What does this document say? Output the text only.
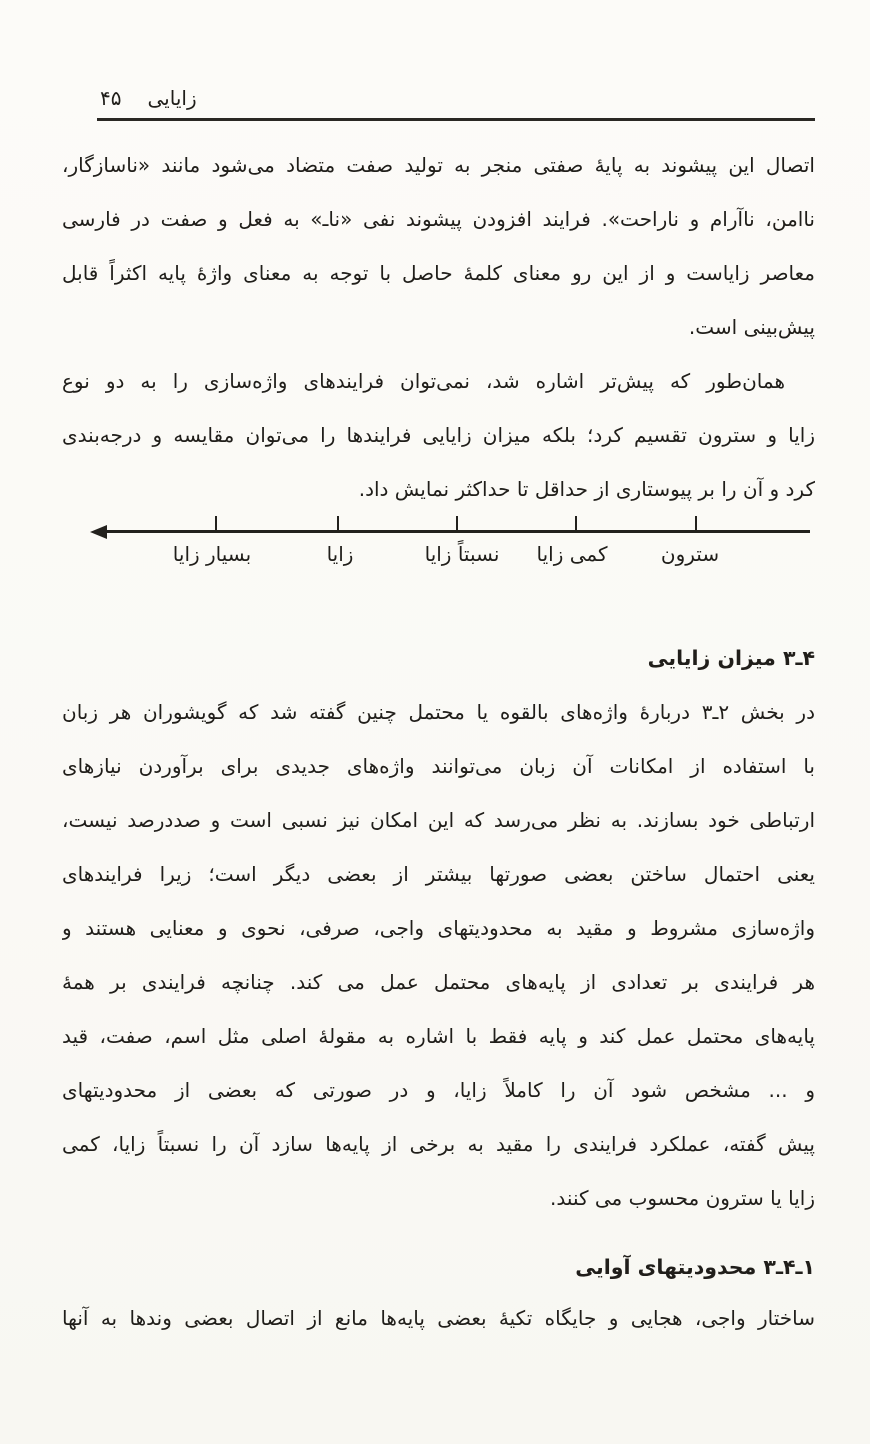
۴۵ زایایی
اتصال این پیشوند به پایهٔ صفتی منجر به تولید صفت متضاد می‌شود مانند «ناسازگار،
ناامن، ناآرام و ناراحت». فرایند افزودن پیشوند نفی «ناـ» به فعل و صفت در فارسی
معاصر زایاست و از این رو معنای کلمهٔ حاصل با توجه به معنای واژهٔ پایه اکثراً قابل
پیش‌بینی است.
همان‌طور که پیش‌تر اشاره شد، نمی‌توان فرایندهای واژه‌سازی را به دو نوع
زایا و سترون تقسیم کرد؛ بلکه میزان زایایی فرایندها را می‌توان مقایسه و درجه‌بندی
کرد و آن را بر پیوستاری از حداقل تا حداکثر نمایش داد.
سترون
کمی زایا
نسبتاً زایا
زایا
بسیار زایا
۴ـ۳ میزان زایایی
در بخش ۲ـ۳ دربارهٔ واژه‌های بالقوه یا محتمل چنین گفته شد که گویشوران هر زبان
با استفاده از امکانات آن زبان می‌توانند واژه‌های جدیدی برای برآوردن نیازهای
ارتباطی خود بسازند. به نظر می‌رسد که این امکان نیز نسبی است و صددرصد نیست،
یعنی احتمال ساختن بعضی صورتها بیشتر از بعضی دیگر است؛ زیرا فرایندهای
واژه‌سازی مشروط و مقید به محدودیتهای واجی، صرفی، نحوی و معنایی هستند و
هر فرایندی بر تعدادی از پایه‌های محتمل عمل می کند. چنانچه فرایندی بر همهٔ
پایه‌های محتمل عمل کند و پایه فقط با اشاره به مقولهٔ اصلی مثل اسم، صفت، قید
و ... مشخص شود آن را کاملاً زایا، و در صورتی که بعضی از محدودیتهای
پیش گفته، عملکرد فرایندی را مقید به برخی از پایه‌ها سازد آن را نسبتاً زایا، کمی
زایا یا سترون محسوب می کنند.
۱ـ۴ـ۳ محدودیتهای آوایی
ساختار واجی، هجایی و جایگاه تکیهٔ بعضی پایه‌ها مانع از اتصال بعضی وندها به آنها
